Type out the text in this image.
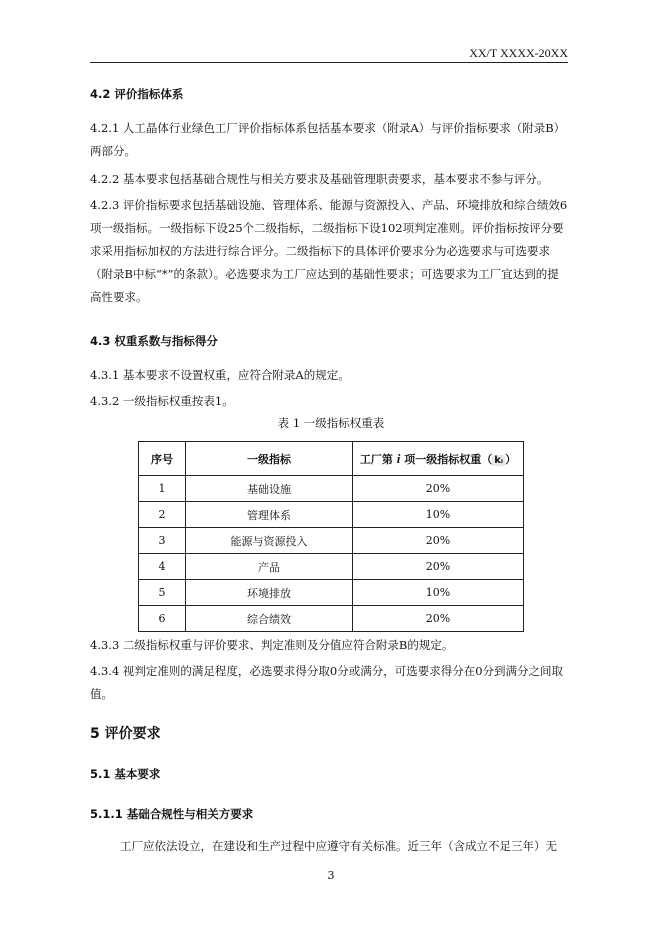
XX/T XXXX-20XX
4.2 评价指标体系
4.2.1 人工晶体行业绿色工厂评价指标体系包括基本要求（附录A）与评价指标要求（附录B）两部分。
4.2.2 基本要求包括基础合规性与相关方要求及基础管理职责要求，基本要求不参与评分。
4.2.3 评价指标要求包括基础设施、管理体系、能源与资源投入、产品、环境排放和综合绩效6项一级指标。一级指标下设25个二级指标，二级指标下设102项判定准则。评价指标按评分要求采用指标加权的方法进行综合评分。二级指标下的具体评价要求分为必选要求与可选要求（附录B中标“*”的条款）。必选要求为工厂应达到的基础性要求；可选要求为工厂宜达到的提高性要求。
4.3 权重系数与指标得分
4.3.1 基本要求不设置权重，应符合附录A的规定。
4.3.2 一级指标权重按表1。
表 1 一级指标权重表
序号	一级指标	工厂第 i 项一级指标权重（ kᵢ ）
1	基础设施	20%
2	管理体系	10%
3	能源与资源投入	20%
4	产品	20%
5	环境排放	10%
6	综合绩效	20%
4.3.3 二级指标权重与评价要求、判定准则及分值应符合附录B的规定。
4.3.4 视判定准则的满足程度，必选要求得分取0分或满分，可选要求得分在0分到满分之间取值。
5 评价要求
5.1 基本要求
5.1.1 基础合规性与相关方要求
工厂应依法设立，在建设和生产过程中应遵守有关标准。近三年（含成立不足三年）无
3
